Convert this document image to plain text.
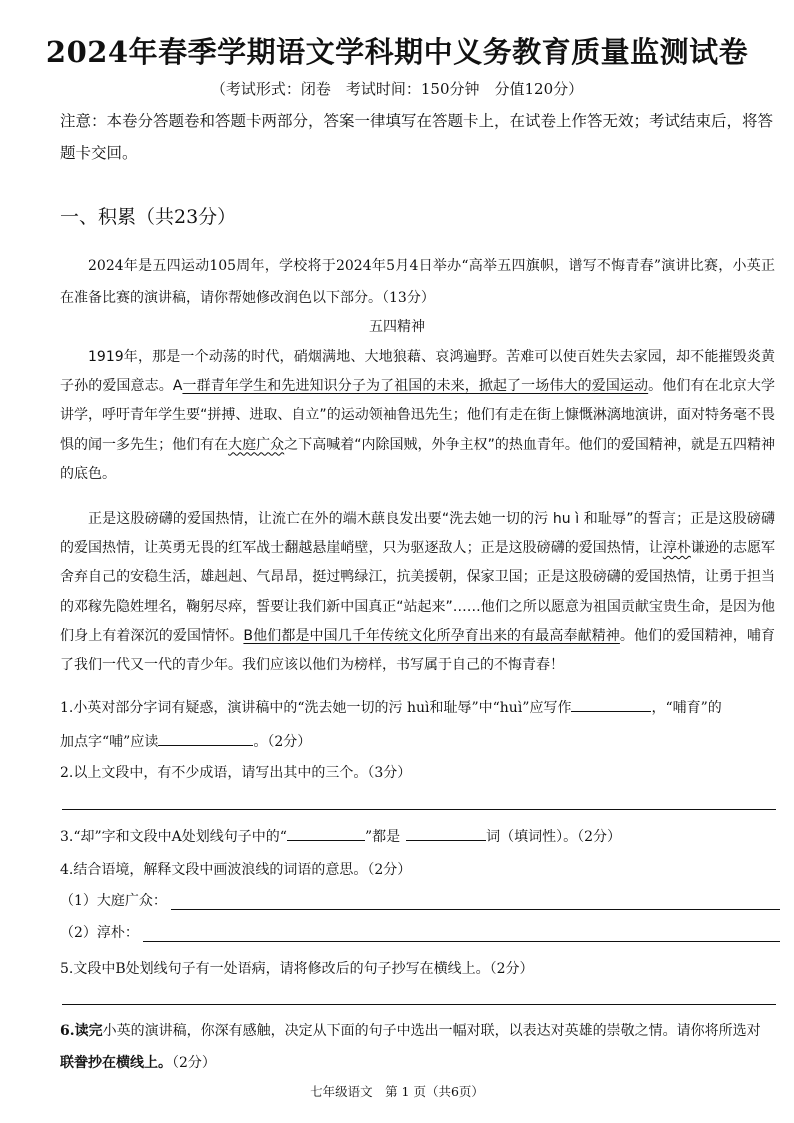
2024年春季学期语文学科期中义务教育质量监测试卷
（考试形式：闭卷　考试时间：150分钟　分值120分）
注意：本卷分答题卷和答题卡两部分，答案一律填写在答题卡上，在试卷上作答无效；考试结束后，将答题卡交回。
一、积累（共23分）
2024年是五四运动105周年，学校将于2024年5月4日举办“高举五四旗帜，谱写不悔青春”演讲比赛，小英正在准备比赛的演讲稿，请你帮她修改润色以下部分。（13分）
五四精神
1919年，那是一个动荡的时代，硝烟满地、大地狼藉、哀鸿遍野。苦难可以使百姓失去家园，却不能摧毁炎黄子孙的爱国意志。A一群青年学生和先进知识分子为了祖国的未来，掀起了一场伟大的爱国运动。他们有在北京大学讲学，呼吁青年学生要“拼搏、进取、自立”的运动领袖鲁迅先生；他们有走在街上慷慨淋漓地演讲，面对特务毫不畏惧的闻一多先生；他们有在大庭广众之下高喊着“内除国贼，外争主权”的热血青年。他们的爱国精神，就是五四精神的底色。
正是这股磅礴的爱国热情，让流亡在外的端木蕻良发出要“洗去她一切的污 hu ì 和耻辱”的誓言；正是这股磅礴的爱国热情，让英勇无畏的红军战士翻越悬崖峭壁，只为驱逐敌人；正是这股磅礴的爱国热情，让淳朴谦逊的志愿军舍弃自己的安稳生活，雄赳赳、气昂昂，挺过鸭绿江，抗美援朝，保家卫国；正是这股磅礴的爱国热情，让勇于担当的邓稼先隐姓埋名，鞠躬尽瘁，誓要让我们新中国真正“站起来”……他们之所以愿意为祖国贡献宝贵生命，是因为他们身上有着深沉的爱国情怀。B他们都是中国几千年传统文化所孕育出来的有最高奉献精神。他们的爱国精神，哺育了我们一代又一代的青少年。我们应该以他们为榜样，书写属于自己的不悔青春！
1.小英对部分字词有疑惑，演讲稿中的“洗去她一切的污 huì和耻辱”中“huì”应写作	，“哺育”的
加点字“哺”应读	。（2分）
2.以上文段中，有不少成语，请写出其中的三个。（3分）
3.“却”字和文段中A处划线句子中的“	”都是	词（填词性）。（2分）
4.结合语境，解释文段中画波浪线的词语的意思。（2分）
（1）大庭广众：
（2）淳朴：
5.文段中B处划线句子有一处语病，请将修改后的句子抄写在横线上。（2分）
6.读完小英的演讲稿，你深有感触，决定从下面的句子中选出一幅对联，以表达对英雄的崇敬之情。请你将所选对
联誊抄在横线上。（2分）
七年级语文　第 1 页（共6页）
